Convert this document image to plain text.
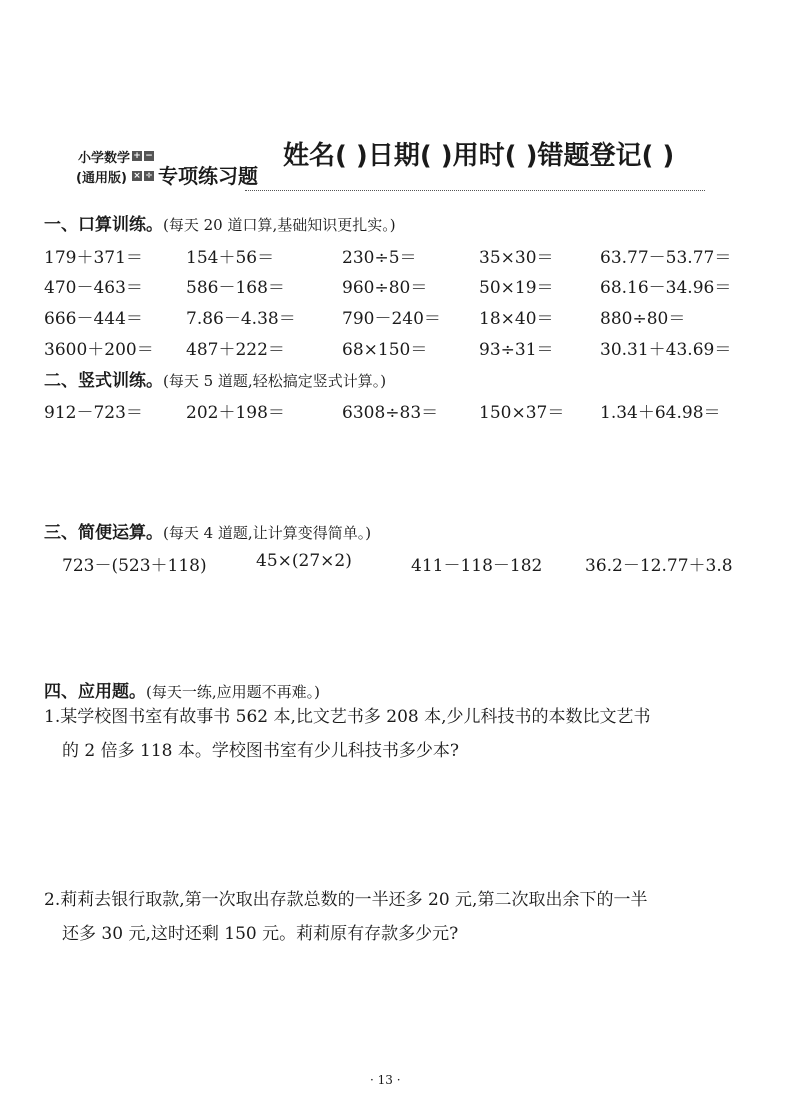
小学数学
(通用版)
+ −
× ÷ 专项练习题
姓名( )日期( )用时( )错题登记( )
一、口算训练。(每天 20 道口算,基础知识更扎实。)
179＋371＝	154＋56＝	230÷5＝	35×30＝	63.77－53.77＝
470－463＝	586－168＝	960÷80＝	50×19＝	68.16－34.96＝
666－444＝	7.86－4.38＝	790－240＝ 18×40＝	880÷80＝
3600＋200＝ 487＋222＝	68×150＝	93÷31＝	30.31＋43.69＝
二、竖式训练。(每天 5 道题,轻松搞定竖式计算。)
912－723＝	202＋198＝	6308÷83＝ 150×37＝ 1.34＋64.98＝
三、简便运算。(每天 4 道题,让计算变得简单。)
723－(523＋118)	45×(27×2)	411－118－182	36.2－12.77＋3.8
四、应用题。(每天一练,应用题不再难。)
1.某学校图书室有故事书 562 本,比文艺书多 208 本,少儿科技书的本数比文艺书
的 2 倍多 118 本。学校图书室有少儿科技书多少本?
2.莉莉去银行取款,第一次取出存款总数的一半还多 20 元,第二次取出余下的一半
还多 30 元,这时还剩 150 元。莉莉原有存款多少元?
· 13 ·
